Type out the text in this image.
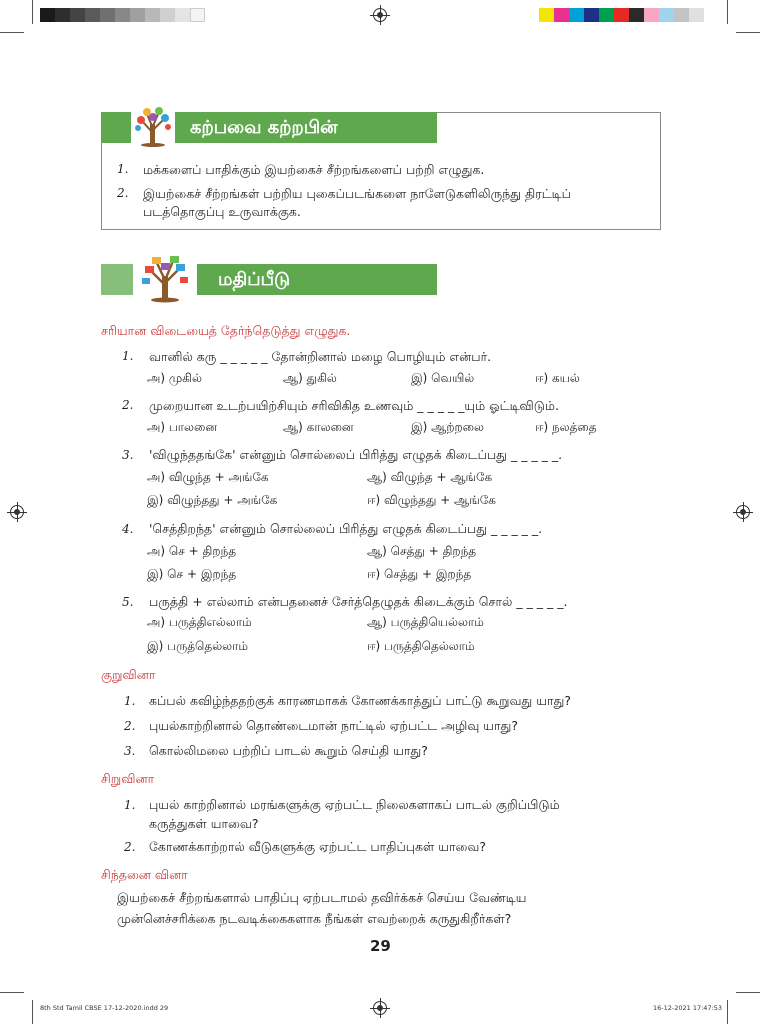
கற்பவை கற்றபின்
1. மக்களைப் பாதிக்கும் இயற்கைச் சீற்றங்களைப் பற்றி எழுதுக.
2. இயற்கைச் சீற்றங்கள் பற்றிய புகைப்படங்களை நாளேடுகளிலிருந்து திரட்டிப்
படத்தொகுப்பு உருவாக்குக.
மதிப்பீடு
சரியான விடையைத் தேர்ந்தெடுத்து எழுதுக.
1. வானில் கரு _ _ _ _ _ தோன்றினால் மழை பொழியும் என்பர்.
அ) முகில்	ஆ) துகில்	இ) வெயில்	ஈ) கயல்
2. முறையான உடற்பயிற்சியும் சரிவிகித உணவும் _ _ _ _ _யும் ஓட்டிவிடும்.
அ) பாலனை	ஆ) காலனை	இ) ஆற்றலை	ஈ) நலத்தை
3. 'விழுந்ததங்கே' என்னும் சொல்லைப் பிரித்து எழுதக் கிடைப்பது _ _ _ _ _.
அ) விழுந்த + அங்கே	ஆ) விழுந்த + ஆங்கே
இ) விழுந்தது + அங்கே	ஈ) விழுந்தது + ஆங்கே
4. 'செத்திறந்த' என்னும் சொல்லைப் பிரித்து எழுதக் கிடைப்பது _ _ _ _ _.
அ) செ + திறந்த	ஆ) செத்து + திறந்த
இ) செ + இறந்த	ஈ) செத்து + இறந்த
5. பருத்தி + எல்லாம் என்பதனைச் சேர்த்தெழுதக் கிடைக்கும் சொல் _ _ _ _ _.
அ) பருத்திஎல்லாம்	ஆ) பருத்தியெல்லாம்
இ) பருத்தெல்லாம்	ஈ) பருத்திதெல்லாம்
குறுவினா
1. கப்பல் கவிழ்ந்ததற்குக் காரணமாகக் கோணக்காத்துப் பாட்டு கூறுவது யாது?
2. புயல்காற்றினால் தொண்டைமான் நாட்டில் ஏற்பட்ட அழிவு யாது?
3. கொல்லிமலை பற்றிப் பாடல் கூறும் செய்தி யாது?
சிறுவினா
1. புயல் காற்றினால் மரங்களுக்கு ஏற்பட்ட நிலைகளாகப் பாடல் குறிப்பிடும்
கருத்துகள் யாவை?
2. கோணக்காற்றால் வீடுகளுக்கு ஏற்பட்ட பாதிப்புகள் யாவை?
சிந்தனை வினா
இயற்கைச் சீற்றங்களால் பாதிப்பு ஏற்படாமல் தவிர்க்கச் செய்ய வேண்டிய
முன்னெச்சரிக்கை நடவடிக்கைகளாக நீங்கள் எவற்றைக் கருதுகிறீர்கள்?
29
8th Std Tamil CBSE 17-12-2020.indd 29	16-12-2021 17:47:53
